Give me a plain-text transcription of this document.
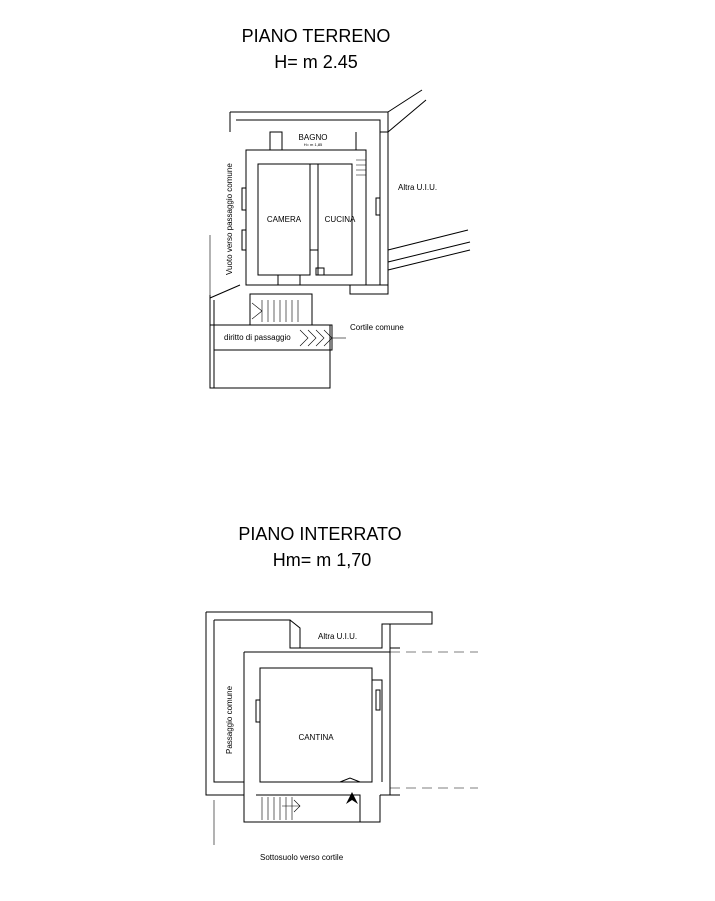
PIANO TERRENO
H= m 2.45
BAGNO
H= m 1,85
CAMERA	CUCINA
Altra U.I.U.
Vuoto verso passaggio comune
diritto di passaggio
Cortile comune
PIANO INTERRATO
Hm= m 1,70
Altra U.I.U.
CANTINA
Passaggio comune
Sottosuolo verso cortile
